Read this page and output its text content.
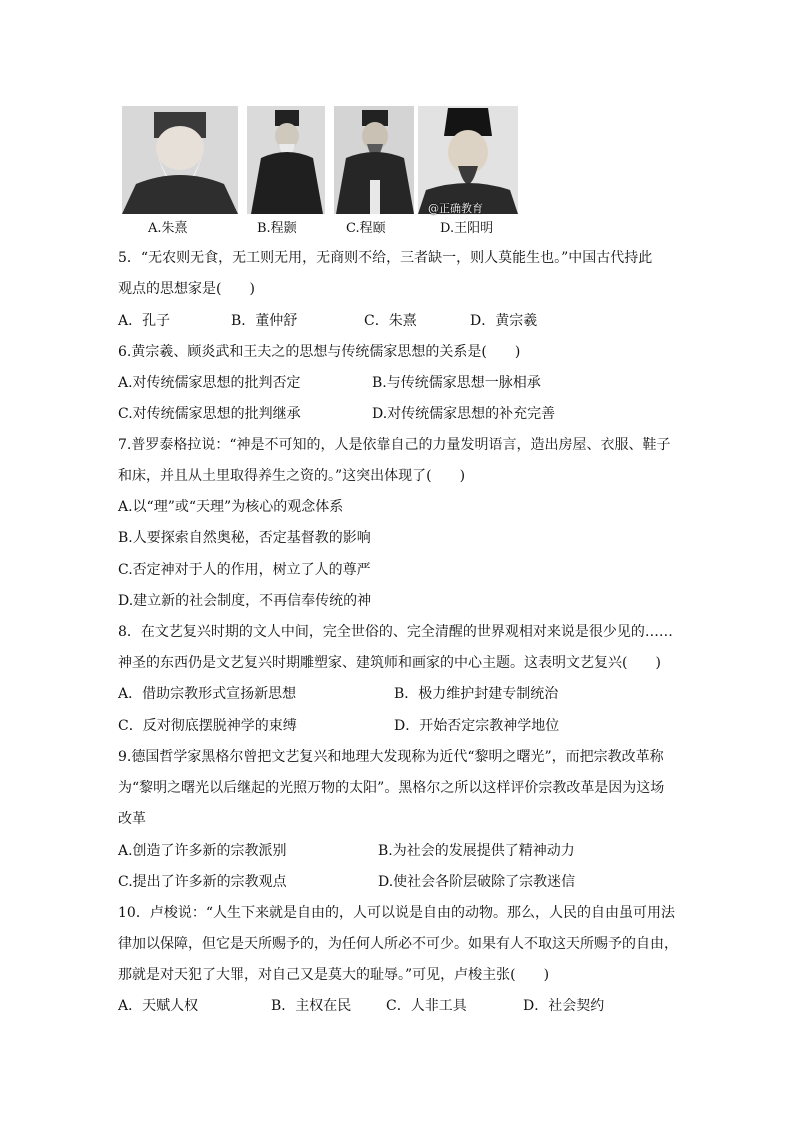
@正确教育
A.朱熹	B.程颢	C.程颐	D.王阳明
5．“无农则无食，无工则无用，无商则不给，三者缺一，则人莫能生也。”中国古代持此
观点的思想家是(　　)
A．孔子	B．董仲舒	C．朱熹	D．黄宗羲
6.黄宗羲、顾炎武和王夫之的思想与传统儒家思想的关系是(　　)
A.对传统儒家思想的批判否定	B.与传统儒家思想一脉相承
C.对传统儒家思想的批判继承	D.对传统儒家思想的补充完善
7.普罗泰格拉说：“神是不可知的，人是依靠自己的力量发明语言，造出房屋、衣服、鞋子
和床，并且从土里取得养生之资的。”这突出体现了(　　)
A.以“理”或“天理”为核心的观念体系
B.人要探索自然奥秘，否定基督教的影响
C.否定神对于人的作用，树立了人的尊严
D.建立新的社会制度，不再信奉传统的神
8．在文艺复兴时期的文人中间，完全世俗的、完全清醒的世界观相对来说是很少见的……
神圣的东西仍是文艺复兴时期雕塑家、建筑师和画家的中心主题。这表明文艺复兴(　　)
A．借助宗教形式宣扬新思想	B．极力维护封建专制统治
C．反对彻底摆脱神学的束缚	D．开始否定宗教神学地位
9.德国哲学家黑格尔曾把文艺复兴和地理大发现称为近代“黎明之曙光”，而把宗教改革称
为“黎明之曙光以后继起的光照万物的太阳”。黑格尔之所以这样评价宗教改革是因为这场
改革
A.创造了许多新的宗教派别	B.为社会的发展提供了精神动力
C.提出了许多新的宗教观点	D.使社会各阶层破除了宗教迷信
10．卢梭说：“人生下来就是自由的，人可以说是自由的动物。那么，人民的自由虽可用法
律加以保障，但它是天所赐予的，为任何人所必不可少。如果有人不取这天所赐予的自由，
那就是对天犯了大罪，对自己又是莫大的耻辱。”可见，卢梭主张(　　)
A．天赋人权	B．主权在民 C．人非工具	D．社会契约
